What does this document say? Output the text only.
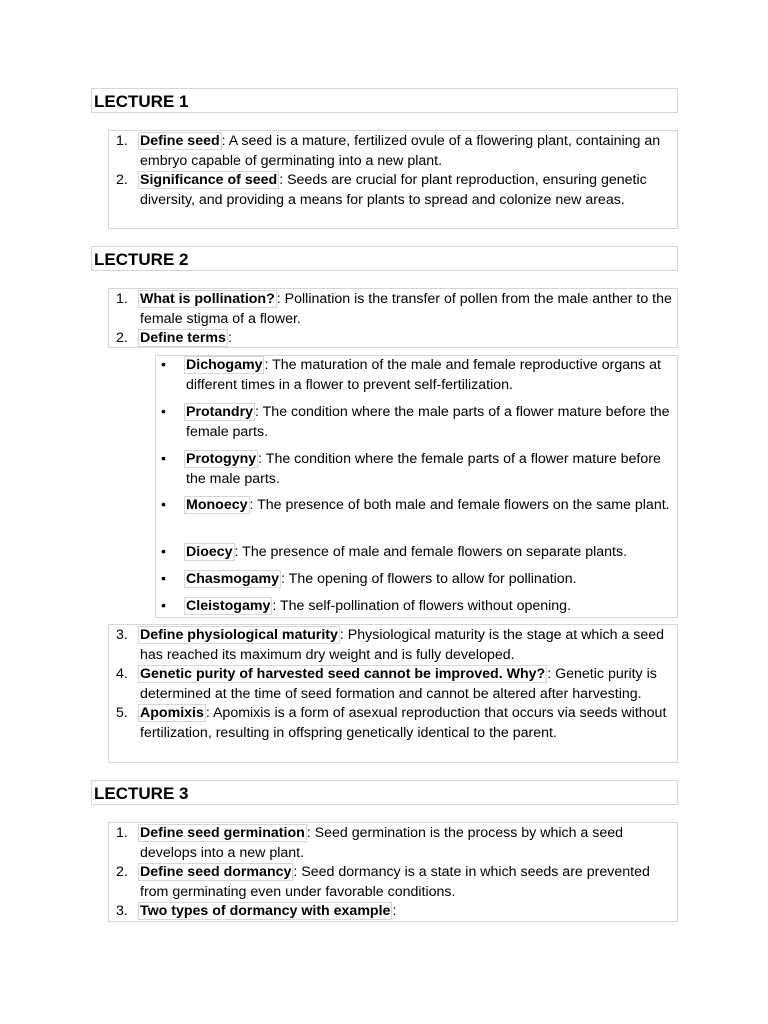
LECTURE 1
1. Define seed : A seed is a mature, fertilized ovule of a flowering plant, containing an embryo capable of germinating into a new plant.
2. Significance of seed : Seeds are crucial for plant reproduction, ensuring genetic diversity, and providing a means for plants to spread and colonize new areas.
LECTURE 2
1. What is pollination? : Pollination is the transfer of pollen from the male anther to the female stigma of a flower.
2. Define terms :
• Dichogamy : The maturation of the male and female reproductive organs at different times in a flower to prevent self-fertilization.
• Protandry : The condition where the male parts of a flower mature before the female parts.
• Protogyny : The condition where the female parts of a flower mature before the male parts.
• Monoecy : The presence of both male and female flowers on the same plant.
• Dioecy : The presence of male and female flowers on separate plants.
• Chasmogamy : The opening of flowers to allow for pollination.
• Cleistogamy : The self-pollination of flowers without opening.
3. Define physiological maturity : Physiological maturity is the stage at which a seed has reached its maximum dry weight and is fully developed.
4. Genetic purity of harvested seed cannot be improved. Why? : Genetic purity is determined at the time of seed formation and cannot be altered after harvesting.
5. Apomixis : Apomixis is a form of asexual reproduction that occurs via seeds without fertilization, resulting in offspring genetically identical to the parent.
LECTURE 3
1. Define seed germination : Seed germination is the process by which a seed develops into a new plant.
2. Define seed dormancy : Seed dormancy is a state in which seeds are prevented from germinating even under favorable conditions.
3. Two types of dormancy with example :
